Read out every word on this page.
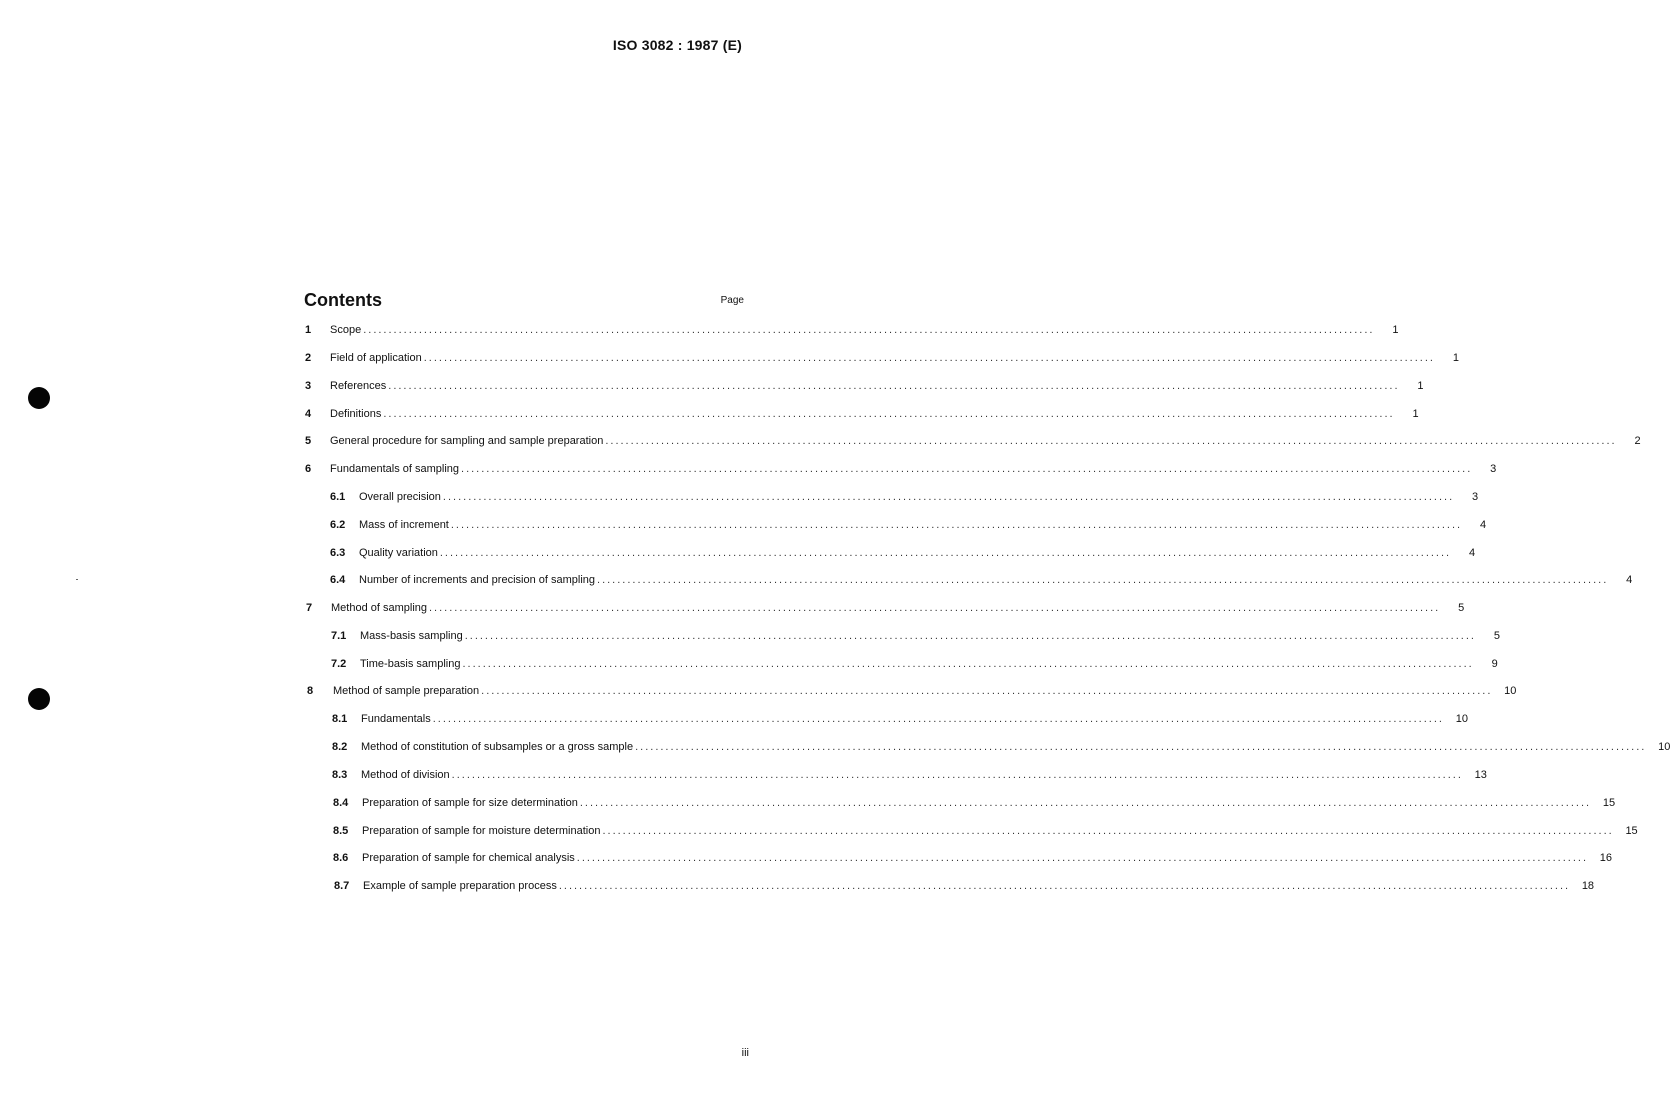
ISO 3082 : 1987 (E)
Contents	Page
1	Scope ........................................................................................................................................................................................................	1
2	Field of application ........................................................................................................................................................................................................	1
3	References ........................................................................................................................................................................................................	1
4	Definitions ........................................................................................................................................................................................................	1
5	General procedure for sampling and sample preparation ........................................................................................................................................................................................................	2
6	Fundamentals of sampling ........................................................................................................................................................................................................	3
6.1	Overall precision ........................................................................................................................................................................................................	3
6.2	Mass of increment ........................................................................................................................................................................................................	4
6.3	Quality variation ........................................................................................................................................................................................................	4
6.4	Number of increments and precision of sampling ........................................................................................................................................................................................................	4
7	Method of sampling ........................................................................................................................................................................................................	5
7.1	Mass-basis sampling ........................................................................................................................................................................................................	5
7.2	Time-basis sampling ........................................................................................................................................................................................................	9
8	Method of sample preparation ........................................................................................................................................................................................................	10
8.1	Fundamentals ........................................................................................................................................................................................................	10
8.2	Method of constitution of subsamples or a gross sample ........................................................................................................................................................................................................	10
8.3	Method of division ........................................................................................................................................................................................................	13
8.4	Preparation of sample for size determination ........................................................................................................................................................................................................	15
8.5	Preparation of sample for moisture determination ........................................................................................................................................................................................................	15
8.6	Preparation of sample for chemical analysis ........................................................................................................................................................................................................	16
8.7	Example of sample preparation process ........................................................................................................................................................................................................	18
iii
